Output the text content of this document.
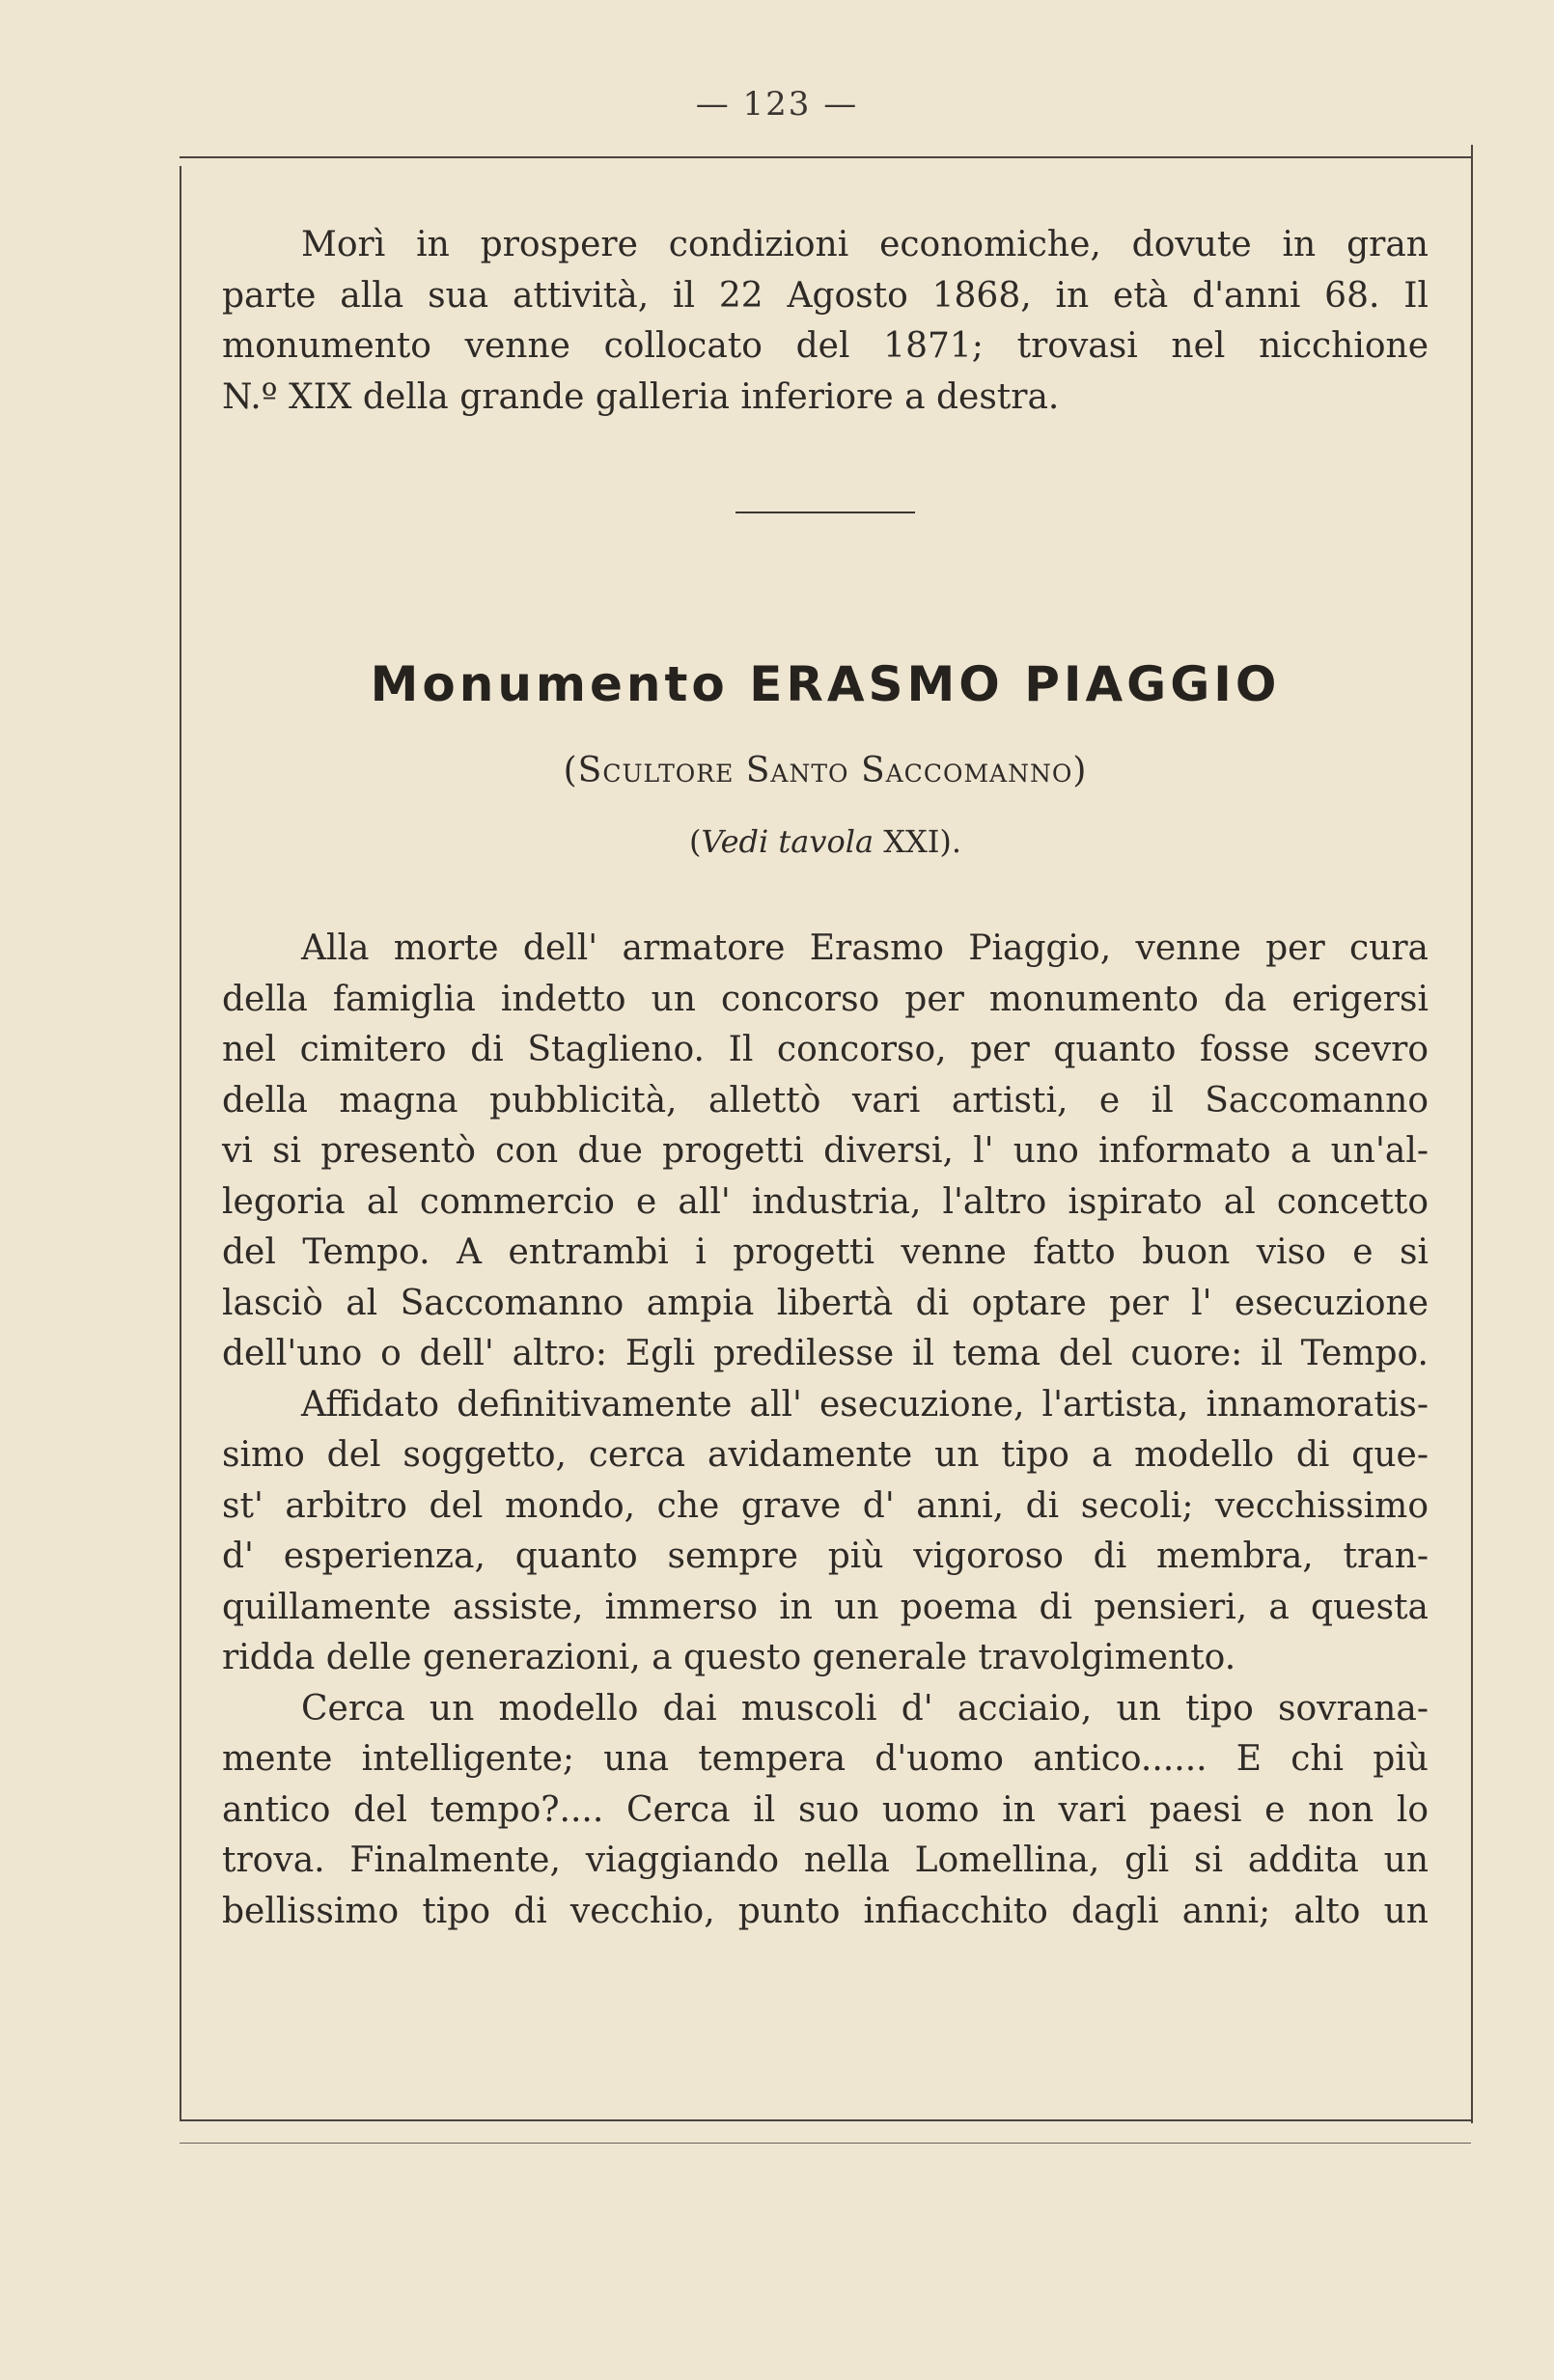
— 123 —

Morì in prospere condizioni economiche, dovute in gran
parte alla sua attività, il 22 Agosto 1868, in età d'anni 68. Il
monumento venne collocato del 1871; trovasi nel nicchione
N.º XIX della grande galleria inferiore a destra.

Monumento ERASMO PIAGGIO
(Scultore Santo Saccomanno)
(Vedi tavola XXI).

Alla morte dell' armatore Erasmo Piaggio, venne per cura
della famiglia indetto un concorso per monumento da erigersi
nel cimitero di Staglieno. Il concorso, per quanto fosse scevro
della magna pubblicità, allettò vari artisti, e il Saccomanno
vi si presentò con due progetti diversi, l' uno informato a un'al-
legoria al commercio e all' industria, l'altro ispirato al concetto
del Tempo. A entrambi i progetti venne fatto buon viso e si
lasciò al Saccomanno ampia libertà di optare per l' esecuzione
dell'uno o dell' altro: Egli predilesse il tema del cuore: il Tempo.
Affidato definitivamente all' esecuzione, l'artista, innamoratis-
simo del soggetto, cerca avidamente un tipo a modello di que-
st' arbitro del mondo, che grave d' anni, di secoli; vecchissimo
d' esperienza, quanto sempre più vigoroso di membra, tran-
quillamente assiste, immerso in un poema di pensieri, a questa
ridda delle generazioni, a questo generale travolgimento.
Cerca un modello dai muscoli d' acciaio, un tipo sovrana-
mente intelligente; una tempera d'uomo antico...... E chi più
antico del tempo?.... Cerca il suo uomo in vari paesi e non lo
trova. Finalmente, viaggiando nella Lomellina, gli si addita un
bellissimo tipo di vecchio, punto infiacchito dagli anni; alto un
